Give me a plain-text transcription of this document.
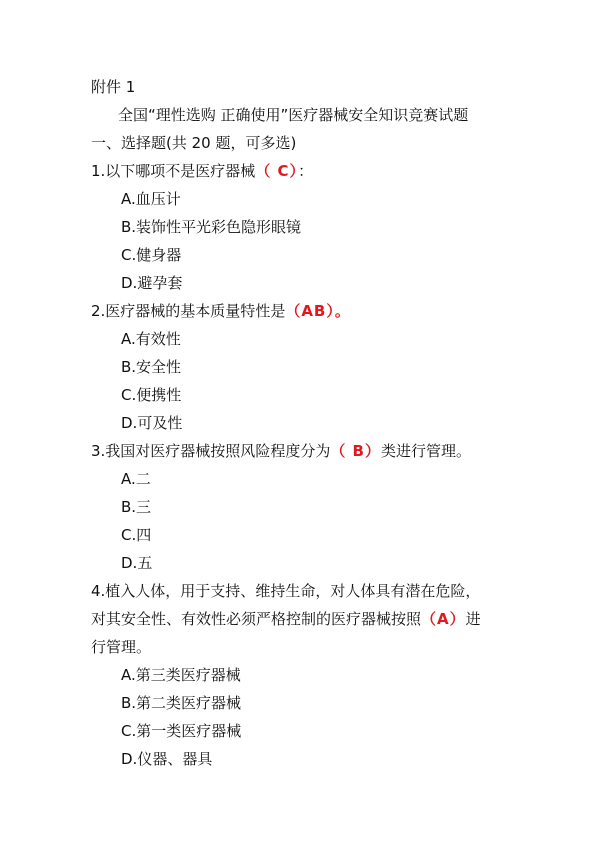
附件 1
全国“理性选购 正确使用”医疗器械安全知识竞赛试题
一、选择题(共 20 题，可多选)
1.以下哪项不是医疗器械（ C）：
A.血压计
B.装饰性平光彩色隐形眼镜
C.健身器
D.避孕套
2.医疗器械的基本质量特性是（AB）。
A.有效性
B.安全性
C.便携性
D.可及性
3.我国对医疗器械按照风险程度分为（ B）类进行管理。
A.二
B.三
C.四
D.五
4.植入人体，用于支持、维持生命，对人体具有潜在危险，
对其安全性、有效性必须严格控制的医疗器械按照（A）进
行管理。
A.第三类医疗器械
B.第二类医疗器械
C.第一类医疗器械
D.仪器、器具
